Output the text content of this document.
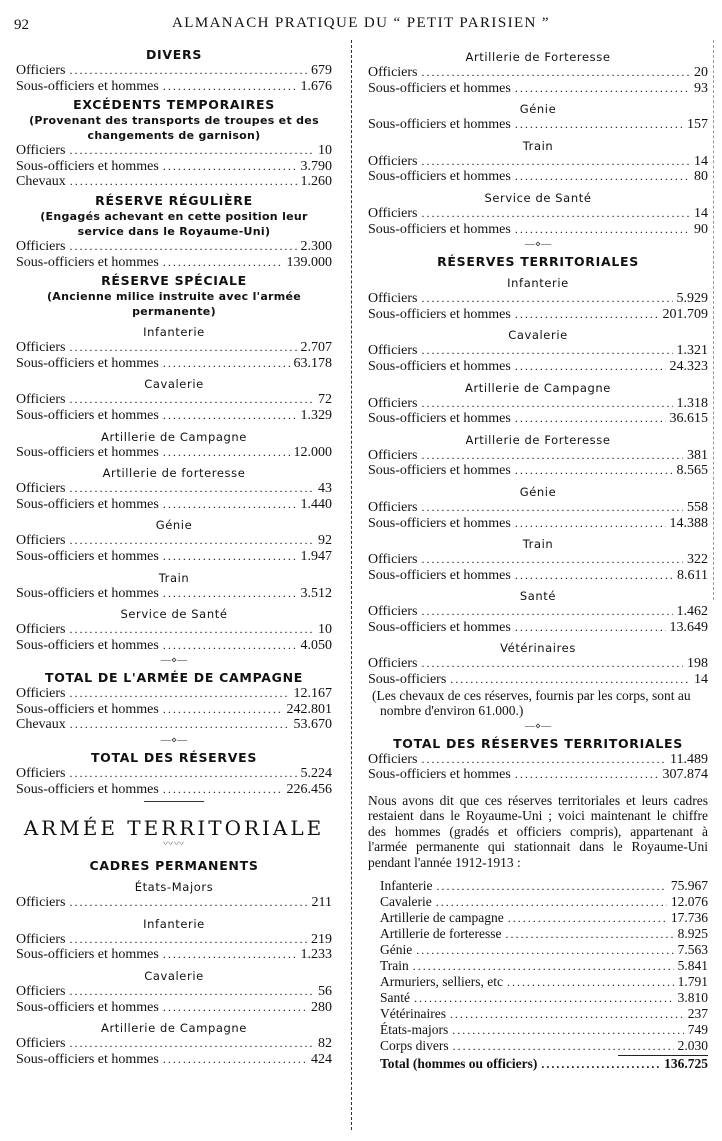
92	ALMANACH PRATIQUE DU “ PETIT PARISIEN ”
DIVERS
Officiers .....	679
Sous-officiers et hommes .....	1.676
EXCÉDENTS TEMPORAIRES
(Provenant des transports de troupes et des changements de garnison)
Officiers .....	10
Sous-officiers et hommes .....	3.790
Chevaux .....	1.260
RÉSERVE RÉGULIÈRE
(Engagés achevant en cette position leur service dans le Royaume-Uni)
Officiers .....	2.300
Sous-officiers et hommes .....	139.000
RÉSERVE SPÉCIALE
(Ancienne milice instruite avec l'armée permanente)
Infanterie
Officiers .....	2.707
Sous-officiers et hommes .....	63.178
Cavalerie
Officiers .....	72
Sous-officiers et hommes .....	1.329
Artillerie de Campagne
Sous-officiers et hommes .....	12.000
Artillerie de forteresse
Officiers .....	43
Sous-officiers et hommes .....	1.440
Génie
Officiers .....	92
Sous-officiers et hommes .....	1.947
Train
Sous-officiers et hommes .....	3.512
Service de Santé
Officiers .....	10
Sous-officiers et hommes .....	4.050
—⋄—
TOTAL DE L'ARMÉE DE CAMPAGNE
Officiers .....	12.167
Sous-officiers et hommes .....	242.801
Chevaux .....	53.670
—⋄—
TOTAL DES RÉSERVES
Officiers .....	5.224
Sous-officiers et hommes .....	226.456
ARMÉE TERRITORIALE
〰〰
CADRES PERMANENTS
États-Majors
Officiers .....	211
Infanterie
Officiers .....	219
Sous-officiers et hommes .....	1.233
Cavalerie
Officiers .....	56
Sous-officiers et hommes .....	280
Artillerie de Campagne
Officiers .....	82
Sous-officiers et hommes .....	424
Artillerie de Forteresse
Officiers .....	20
Sous-officiers et hommes .....	93
Génie
Sous-officiers et hommes .....	157
Train
Officiers .....	14
Sous-officiers et hommes .....	80
Service de Santé
Officiers .....	14
Sous-officiers et hommes .....	90
—⋄—
RÉSERVES TERRITORIALES
Infanterie
Officiers .....	5.929
Sous-officiers et hommes .....	201.709
Cavalerie
Officiers .....	1.321
Sous-officiers et hommes .....	24.323
Artillerie de Campagne
Officiers .....	1.318
Sous-officiers et hommes .....	36.615
Artillerie de Forteresse
Officiers .....	381
Sous-officiers et hommes .....	8.565
Génie
Officiers .....	558
Sous-officiers et hommes .....	14.388
Train
Officiers .....	322
Sous-officiers et hommes .....	8.611
Santé
Officiers .....	1.462
Sous-officiers et hommes .....	13.649
Vétérinaires
Officiers .....	198
Sous-officiers .....	14
(Les chevaux de ces réserves, fournis par les corps, sont au nombre d'environ 61.000.)
—⋄—
TOTAL DES RÉSERVES TERRITORIALES
Officiers .....	11.489
Sous-officiers et hommes .....	307.874
Nous avons dit que ces réserves territoriales et leurs cadres restaient dans le Royaume-Uni ; voici maintenant le chiffre des hommes (gradés et officiers compris), appartenant à l'armée permanente qui stationnait dans le Royaume-Uni pendant l'année 1912-1913 :
Infanterie .....	75.967
Cavalerie .....	12.076
Artillerie de campagne .....	17.736
Artillerie de forteresse .....	8.925
Génie .....	7.563
Train .....	5.841
Armuriers, selliers, etc .....	1.791
Santé .....	3.810
Vétérinaires .....	237
États-majors .....	749
Corps divers .....	2.030
Total (hommes ou officiers) .....	136.725
